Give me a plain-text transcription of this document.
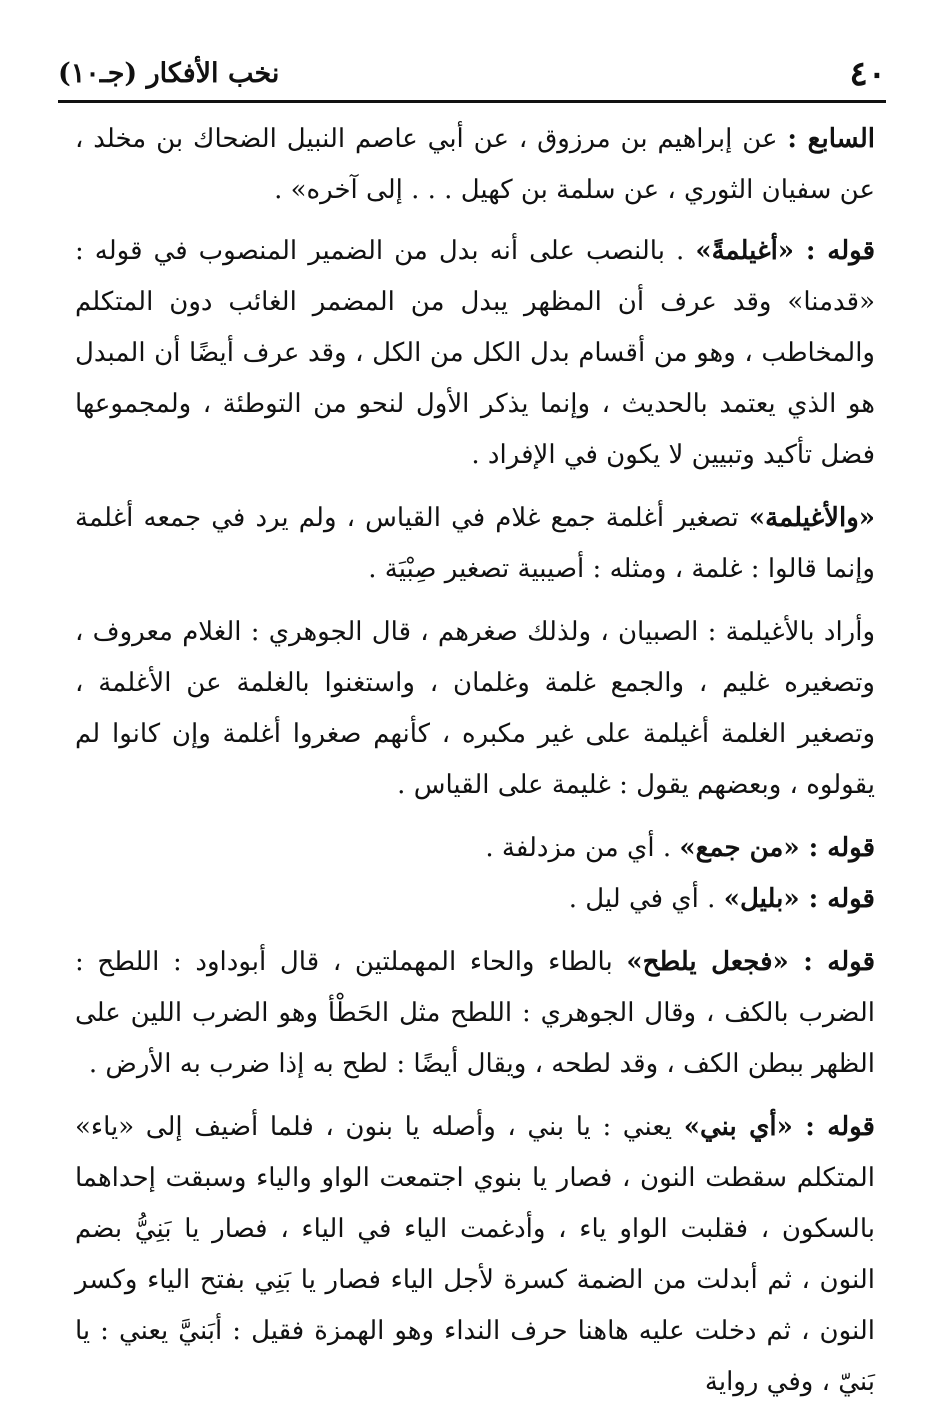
٤٠
نخب الأفكار (جـ١٠)

السابع : عن إبراهيم بن مرزوق ، عن أبي عاصم النبيل الضحاك بن مخلد ، عن سفيان الثوري ، عن سلمة بن كهيل . . . إلى آخره» .

قوله : «أغيلمةً» . بالنصب على أنه بدل من الضمير المنصوب في قوله : «قدمنا» وقد عرف أن المظهر يبدل من المضمر الغائب دون المتكلم والمخاطب ، وهو من أقسام بدل الكل من الكل ، وقد عرف أيضًا أن المبدل هو الذي يعتمد بالحديث ، وإنما يذكر الأول لنحو من التوطئة ، ولمجموعها فضل تأكيد وتبيين لا يكون في الإفراد .

«والأغيلمة» تصغير أغلمة جمع غلام في القياس ، ولم يرد في جمعه أغلمة وإنما قالوا : غلمة ، ومثله : أصيبية تصغير صِبْيَة .

وأراد بالأغيلمة : الصبيان ، ولذلك صغرهم ، قال الجوهري : الغلام معروف ، وتصغيره غليم ، والجمع غلمة وغلمان ، واستغنوا بالغلمة عن الأغلمة ، وتصغير الغلمة أغيلمة على غير مكبره ، كأنهم صغروا أغلمة وإن كانوا لم يقولوه ، وبعضهم يقول : غليمة على القياس .

قوله : «من جمع» . أي من مزدلفة .

قوله : «بليل» . أي في ليل .

قوله : «فجعل يلطح» بالطاء والحاء المهملتين ، قال أبوداود : اللطح : الضرب بالكف ، وقال الجوهري : اللطح مثل الحَطْأ وهو الضرب اللين على الظهر ببطن الكف ، وقد لطحه ، ويقال أيضًا : لطح به إذا ضرب به الأرض .

قوله : «أي بني» يعني : يا بني ، وأصله يا بنون ، فلما أضيف إلى «ياء» المتكلم سقطت النون ، فصار يا بنوي اجتمعت الواو والياء وسبقت إحداهما بالسكون ، فقلبت الواو ياء ، وأدغمت الياء في الياء ، فصار يا بَنِيُّ بضم النون ، ثم أبدلت من الضمة كسرة لأجل الياء فصار يا بَنِي بفتح الياء وكسر النون ، ثم دخلت عليه هاهنا حرف النداء وهو الهمزة فقيل : أبَنيَّ يعني : يا بَنيّ ، وفي رواية
